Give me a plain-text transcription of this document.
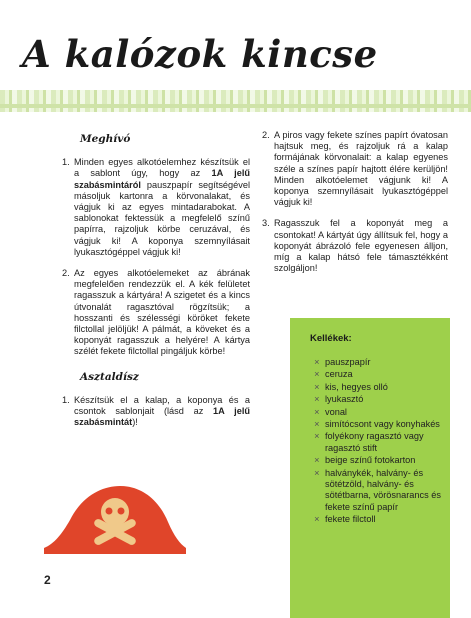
A kalózok kincse
Meghívó
1. Minden egyes alkotóelemhez készítsük el a sablont úgy, hogy az 1A jelű szabásmintáról pauszpapír segítségével másoljuk kartonra a körvonalakat, és vágjuk ki az egyes mintadarabokat. A sablonokat fektessük a megfelelő színű papírra, rajzoljuk körbe ceruzával, és vágjuk ki! A koponya szemnyílásait lyukasztógéppel vágjuk ki!
2. Az egyes alkotóelemeket az ábrának megfelelően rendezzük el. A kék felületet ragasszuk a kártyára! A szigetet és a kincs útvonalát ragasztóval rögzítsük; a hosszanti és szélességi köröket fekete filctollal jelöljük! A pálmát, a köveket és a koponyát ragasszuk a helyére! A kártya szélét fekete filctollal pingáljuk körbe!
Asztaldísz
1. Készítsük el a kalap, a koponya és a csontok sablonjait (lásd az 1A jelű szabásmintát)!
2. A piros vagy fekete színes papírt óvatosan hajtsuk meg, és rajzoljuk rá a kalap formájának körvonalait: a kalap egyenes széle a színes papír hajtott élére kerüljön! Minden alkotóelemet vágjunk ki! A koponya szemnyílásait lyukasztógéppel vágjuk ki!
3. Ragasszuk fel a koponyát meg a csontokat! A kártyát úgy állítsuk fel, hogy a koponyát ábrázoló fele egyenesen álljon, míg a kalap hátsó fele támasztékként szolgáljon!
Kellékek:
× pauszpapír
× ceruza
× kis, hegyes olló
× lyukasztó
× vonal
× simítócsont vagy konyhakés
× folyékony ragasztó vagy ragasztó stift
× beige színű fotokarton
× halványkék, halvány- és sötétzöld, halvány- és sötétbarna, vörösnarancs és fekete színű papír
× fekete filctoll
2
